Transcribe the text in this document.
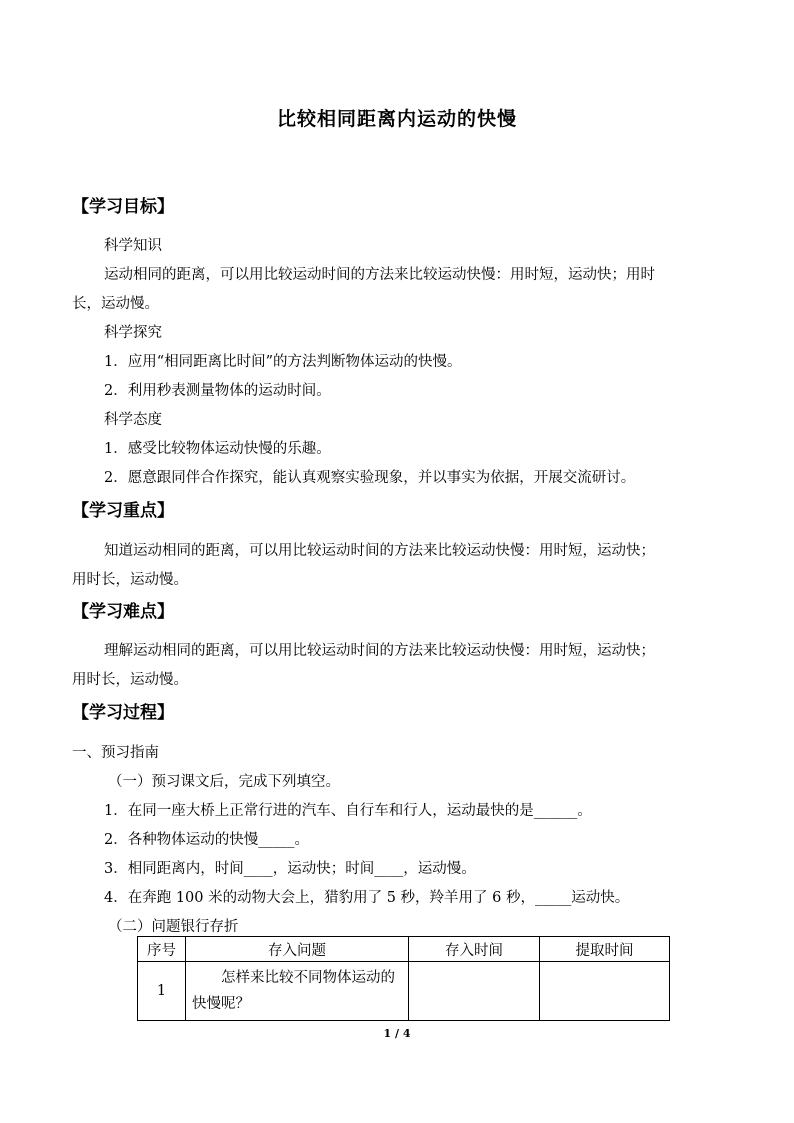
比较相同距离内运动的快慢
【学习目标】
科学知识
运动相同的距离，可以用比较运动时间的方法来比较运动快慢：用时短，运动快；用时
长，运动慢。
科学探究
1．应用“相同距离比时间”的方法判断物体运动的快慢。
2．利用秒表测量物体的运动时间。
科学态度
1．感受比较物体运动快慢的乐趣。
2．愿意跟同伴合作探究，能认真观察实验现象，并以事实为依据，开展交流研讨。
【学习重点】
知道运动相同的距离，可以用比较运动时间的方法来比较运动快慢：用时短，运动快；
用时长，运动慢。
【学习难点】
理解运动相同的距离，可以用比较运动时间的方法来比较运动快慢：用时短，运动快；
用时长，运动慢。
【学习过程】
一、预习指南
（一）预习课文后，完成下列填空。
1．在同一座大桥上正常行进的汽车、自行车和行人，运动最快的是______。
2．各种物体运动的快慢_____。
3．相同距离内，时间____，运动快；时间____，运动慢。
4．在奔跑 100 米的动物大会上，猎豹用了 5 秒，羚羊用了 6 秒，_____运动快。
（二）问题银行存折
序号	存入问题	存入时间	提取时间
1	　　怎样来比较不同物体运动的快慢呢？		
1 / 4
